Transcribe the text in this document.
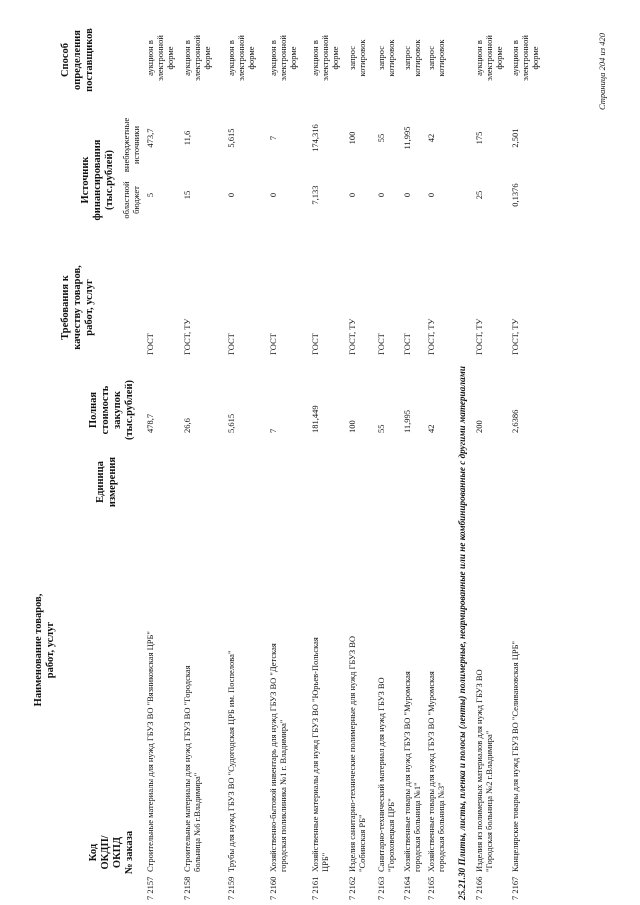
Код
ОКДП/
ОКПД
№ заказа
Наименование товаров,
работ, услуг
Единица
измерения
Полная
стоимость
закупок
(тыс.рублей)
Требования к
качеству товаров,
работ, услуг
Источник
финансирования
(тыс.рублей) областной
бюджет
внебюджетные
источники
Способ
определения
поставщиков
7 2157
Строительные материалы для нужд ГБУЗ ВО "Вязниковская ЦРБ"
478,7
ГОСТ
5
473,7
аукцион в
электронной
форме
7 2158
Строительные материалы для нужд ГБУЗ ВО "Городская
больница №6 г.Владимира"
26,6
ГОСТ, ТУ
15
11,6
аукцион в
электронной
форме
7 2159
Трубы для нужд ГБУЗ ВО "Судогодская ЦРБ им. Поспелова"
5,615
ГОСТ
0
5,615
аукцион в
электронной
форме
7 2160
Хозяйственно-бытовой инвентарь для нужд ГБУЗ ВО "Детская
городская поликлиника №1 г. Владимира"
7
ГОСТ
0
7
аукцион в
электронной
форме
7 2161
Хозяйственные материалы для нужд ГБУЗ ВО "Юрьев-Польская
ЦРБ"
181,449
ГОСТ
7,133
174,316
аукцион в
электронной
форме
7 2162
Изделия санитарно-технические полимерные для нужд ГБУЗ ВО
"Собинская РБ"
100
ГОСТ, ТУ
0
100
запрос
котировок
7 2163
Санитарно-технический материал для нужд ГБУЗ ВО
"Гороховецкая ЦРБ"
55
ГОСТ
0
55
запрос
котировок
7 2164
Хозяйственные товары для нужд ГБУЗ ВО "Муромская
городская больница №1"
11,995
ГОСТ
0
11,995
запрос
котировок
7 2165
Хозяйственные товары для нужд ГБУЗ ВО "Муромская
городская больница №3"
42
ГОСТ, ТУ
0
42
запрос
котировок
7 2166
Изделия из полимерных материалов для нужд ГБУЗ ВО
"Городская больница №2 г.Владимира"
200
ГОСТ, ТУ
25
175
аукцион в
электронной
форме
7 2167
Канцелярские товары для нужд ГБУЗ ВО "Селивановская ЦРБ"
2,6386
ГОСТ, ТУ
0,1376
2,501
аукцион в
электронной
форме
25.21.30 Плиты, листы, пленка и полосы (ленты) полимерные, неармированные или не комбинированные с другими материалами
Страница 204 из 420
